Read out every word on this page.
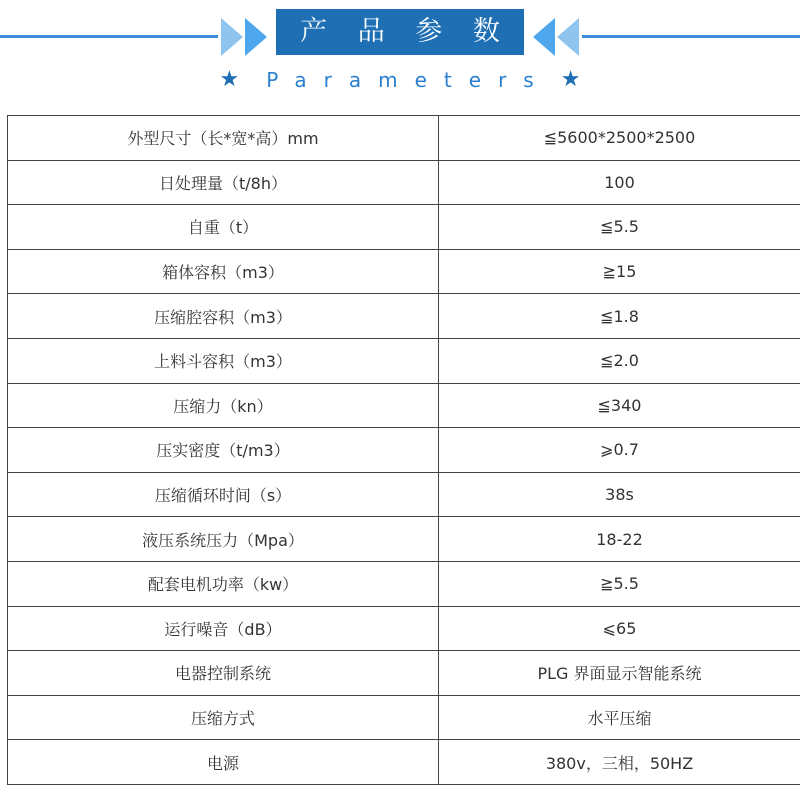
产 品 参 数
★	Parameters ★
外型尺寸（长*宽*高）mm	≦5600*2500*2500
日处理量（t/8h）	100
自重（t）	≦5.5
箱体容积（m3）	≧15
压缩腔容积（m3）	≦1.8
上料斗容积（m3）	≦2.0
压缩力（kn）	≦340
压实密度（t/m3）	⩾0.7
压缩循环时间（s）	38s
液压系统压力（Mpa）	18-22
配套电机功率（kw）	≧5.5
运行噪音（dB）	⩽65
电器控制系统	PLG 界面显示智能系统
压缩方式	水平压缩
电源	380v，三相，50HZ
